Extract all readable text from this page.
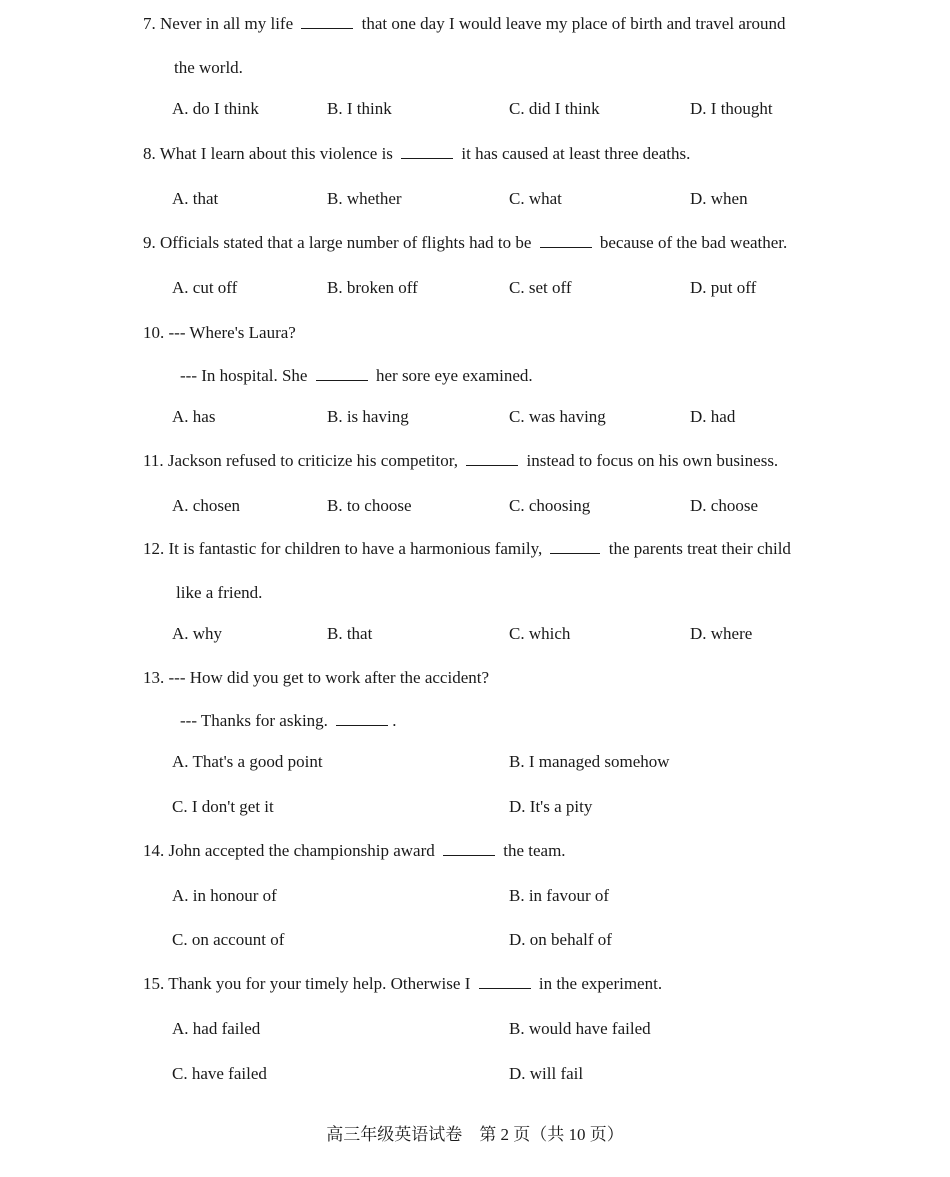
7. Never in all my life	that one day I would leave my place of birth and travel around
the world.
A. do I think	B. I think	C. did I think	D. I thought
8. What I learn about this violence is	it has caused at least three deaths.
A. that	B. whether	C. what	D. when
9. Officials stated that a large number of flights had to be	because of the bad weather.
A. cut off	B. broken off	C. set off	D. put off
10. --- Where's Laura?
--- In hospital. She	her sore eye examined.
A. has	B. is having	C. was having	D. had
11. Jackson refused to criticize his competitor,	instead to focus on his own business.
A. chosen	B. to choose	C. choosing	D. choose
12. It is fantastic for children to have a harmonious family,	the parents treat their child
like a friend.
A. why	B. that	C. which	D. where
13. --- How did you get to work after the accident?
--- Thanks for asking.	.
A. That's a good point	B. I managed somehow
C. I don't get it	D. It's a pity
14. John accepted the championship award	the team.
A. in honour of	B. in favour of
C. on account of	D. on behalf of
15. Thank you for your timely help. Otherwise I	in the experiment.
A. had failed	B. would have failed
C. have failed	D. will fail
高三年级英语试卷　第 2 页（共 10 页）
